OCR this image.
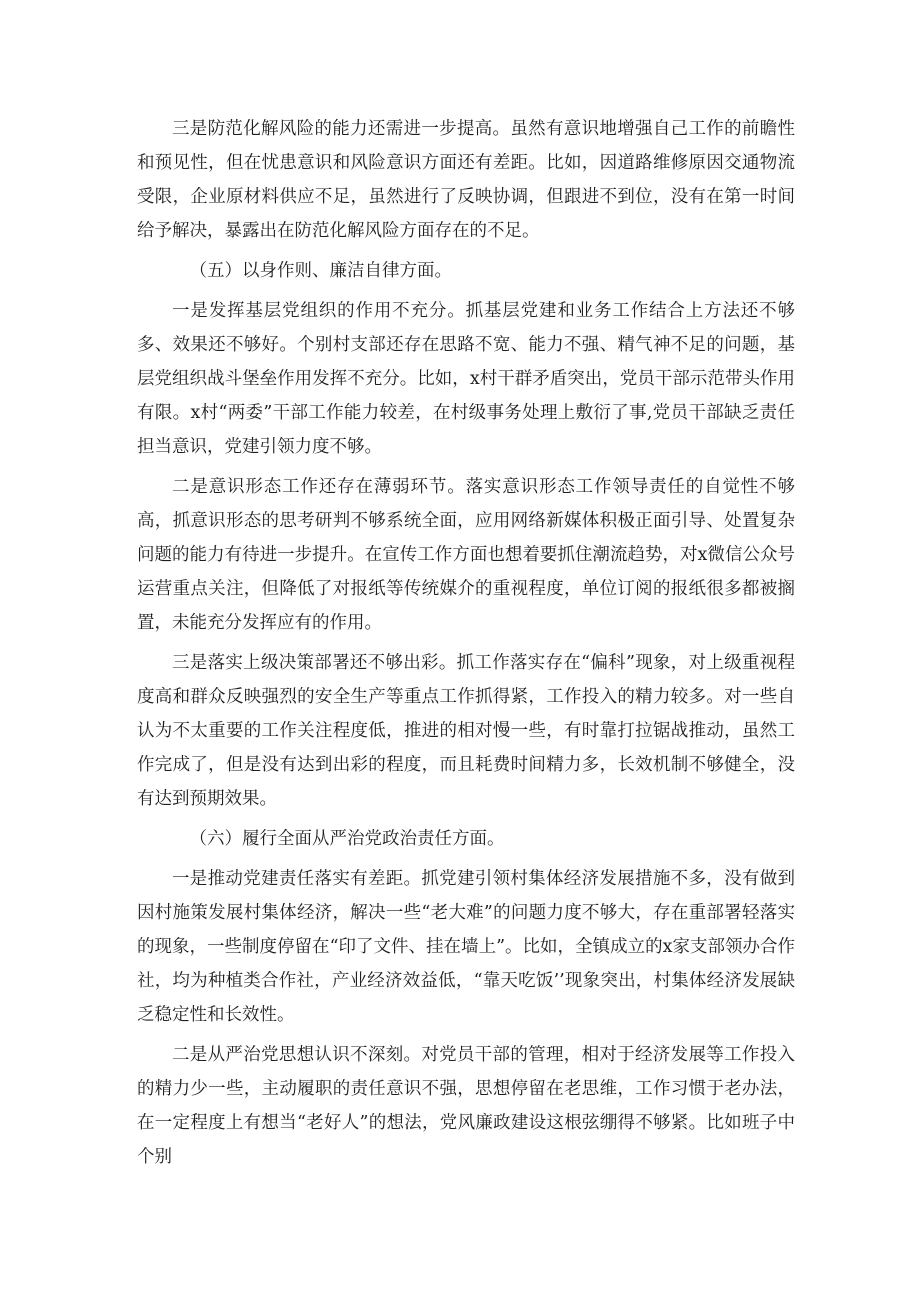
三是防范化解风险的能力还需进一步提高。虽然有意识地增强自己工作的前瞻性和预见性，但在忧患意识和风险意识方面还有差距。比如，因道路维修原因交通物流受限，企业原材料供应不足，虽然进行了反映协调，但跟进不到位，没有在第一时间给予解决，暴露出在防范化解风险方面存在的不足。

（五）以身作则、廉洁自律方面。

一是发挥基层党组织的作用不充分。抓基层党建和业务工作结合上方法还不够多、效果还不够好。个别村支部还存在思路不宽、能力不强、精气神不足的问题，基层党组织战斗堡垒作用发挥不充分。比如，x村干群矛盾突出，党员干部示范带头作用有限。x村“两委”干部工作能力较差，在村级事务处理上敷衍了事,党员干部缺乏责任担当意识，党建引领力度不够。

二是意识形态工作还存在薄弱环节。落实意识形态工作领导责任的自觉性不够高，抓意识形态的思考研判不够系统全面，应用网络新媒体积极正面引导、处置复杂问题的能力有待进一步提升。在宣传工作方面也想着要抓住潮流趋势，对x微信公众号运营重点关注，但降低了对报纸等传统媒介的重视程度，单位订阅的报纸很多都被搁置，未能充分发挥应有的作用。

三是落实上级决策部署还不够出彩。抓工作落实存在“偏科”现象，对上级重视程度高和群众反映强烈的安全生产等重点工作抓得紧，工作投入的精力较多。对一些自认为不太重要的工作关注程度低，推进的相对慢一些，有时靠打拉锯战推动，虽然工作完成了，但是没有达到出彩的程度，而且耗费时间精力多，长效机制不够健全，没有达到预期效果。

（六）履行全面从严治党政治责任方面。

一是推动党建责任落实有差距。抓党建引领村集体经济发展措施不多，没有做到因村施策发展村集体经济，解决一些“老大难”的问题力度不够大，存在重部署轻落实的现象，一些制度停留在“印了文件、挂在墙上”。比如，全镇成立的x家支部领办合作社，均为种植类合作社，产业经济效益低，“靠天吃饭’’现象突出，村集体经济发展缺乏稳定性和长效性。

二是从严治党思想认识不深刻。对党员干部的管理，相对于经济发展等工作投入的精力少一些，主动履职的责任意识不强，思想停留在老思维，工作习惯于老办法，在一定程度上有想当“老好人”的想法，党风廉政建设这根弦绷得不够紧。比如班子中个别
